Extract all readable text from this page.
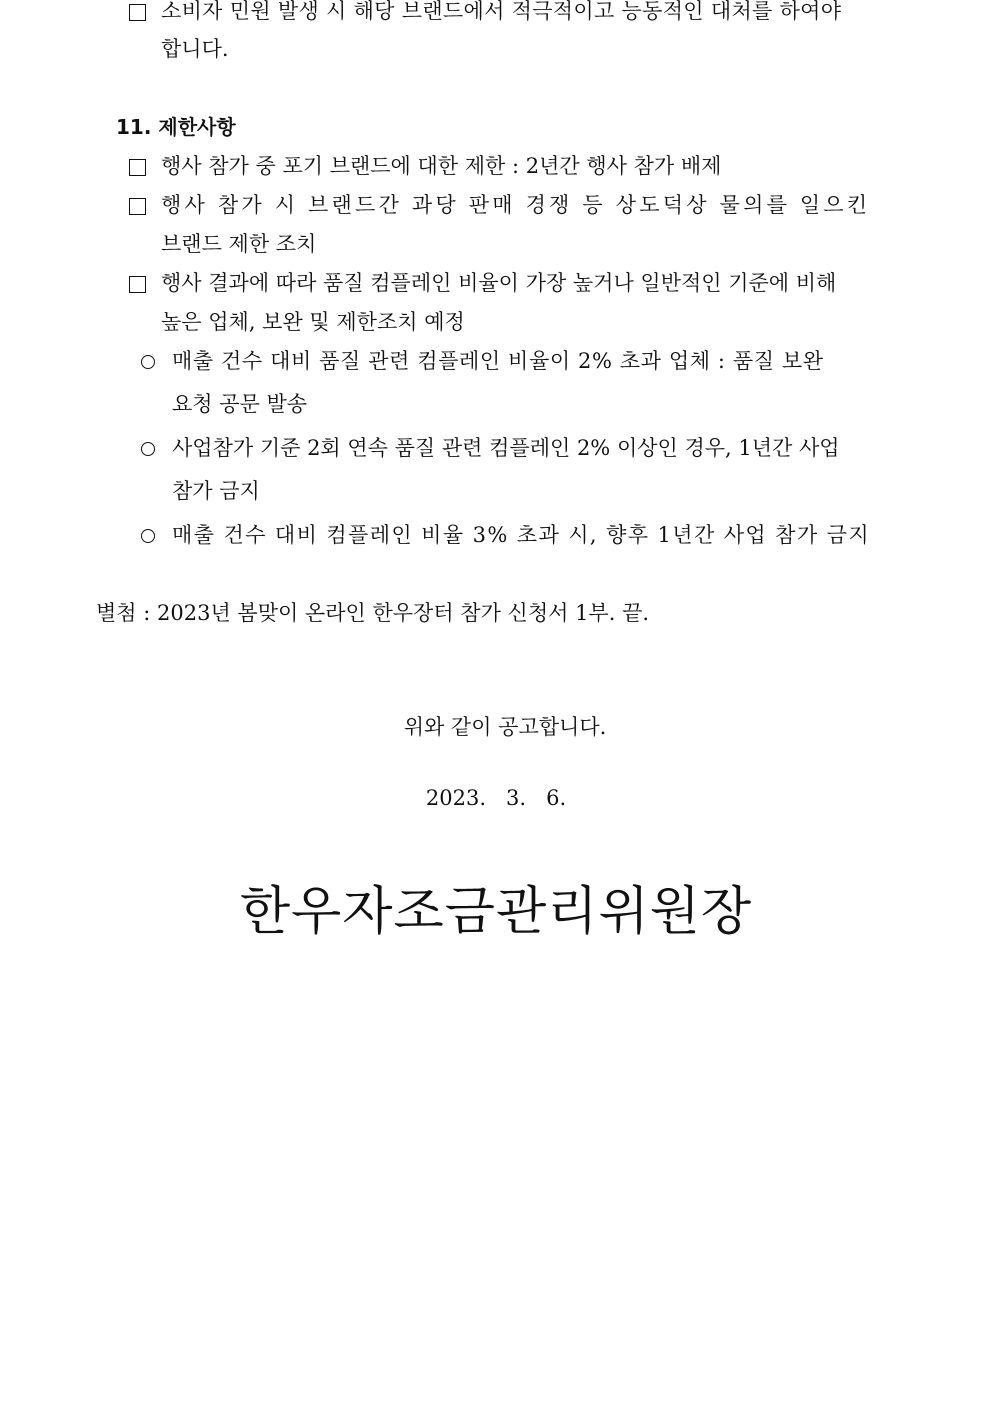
소비자 민원 발생 시 해당 브랜드에서 적극적이고 능동적인 대처를 하여야
합니다.
11. 제한사항
행사 참가 중 포기 브랜드에 대한 제한 : 2년간 행사 참가 배제
행사 참가 시 브랜드간 과당 판매 경쟁 등 상도덕상 물의를 일으킨
브랜드 제한 조치
행사 결과에 따라 품질 컴플레인 비율이 가장 높거나 일반적인 기준에 비해
높은 업체, 보완 및 제한조치 예정
매출 건수 대비 품질 관련 컴플레인 비율이 2% 초과 업체 : 품질 보완
요청 공문 발송
사업참가 기준 2회 연속 품질 관련 컴플레인 2% 이상인 경우, 1년간 사업
참가 금지
매출 건수 대비 컴플레인 비율 3% 초과 시, 향후 1년간 사업 참가 금지
별첨 : 2023년 봄맞이 온라인 한우장터 참가 신청서 1부. 끝.
위와 같이 공고합니다.
2023.   3.   6.
한우자조금관리위원장
